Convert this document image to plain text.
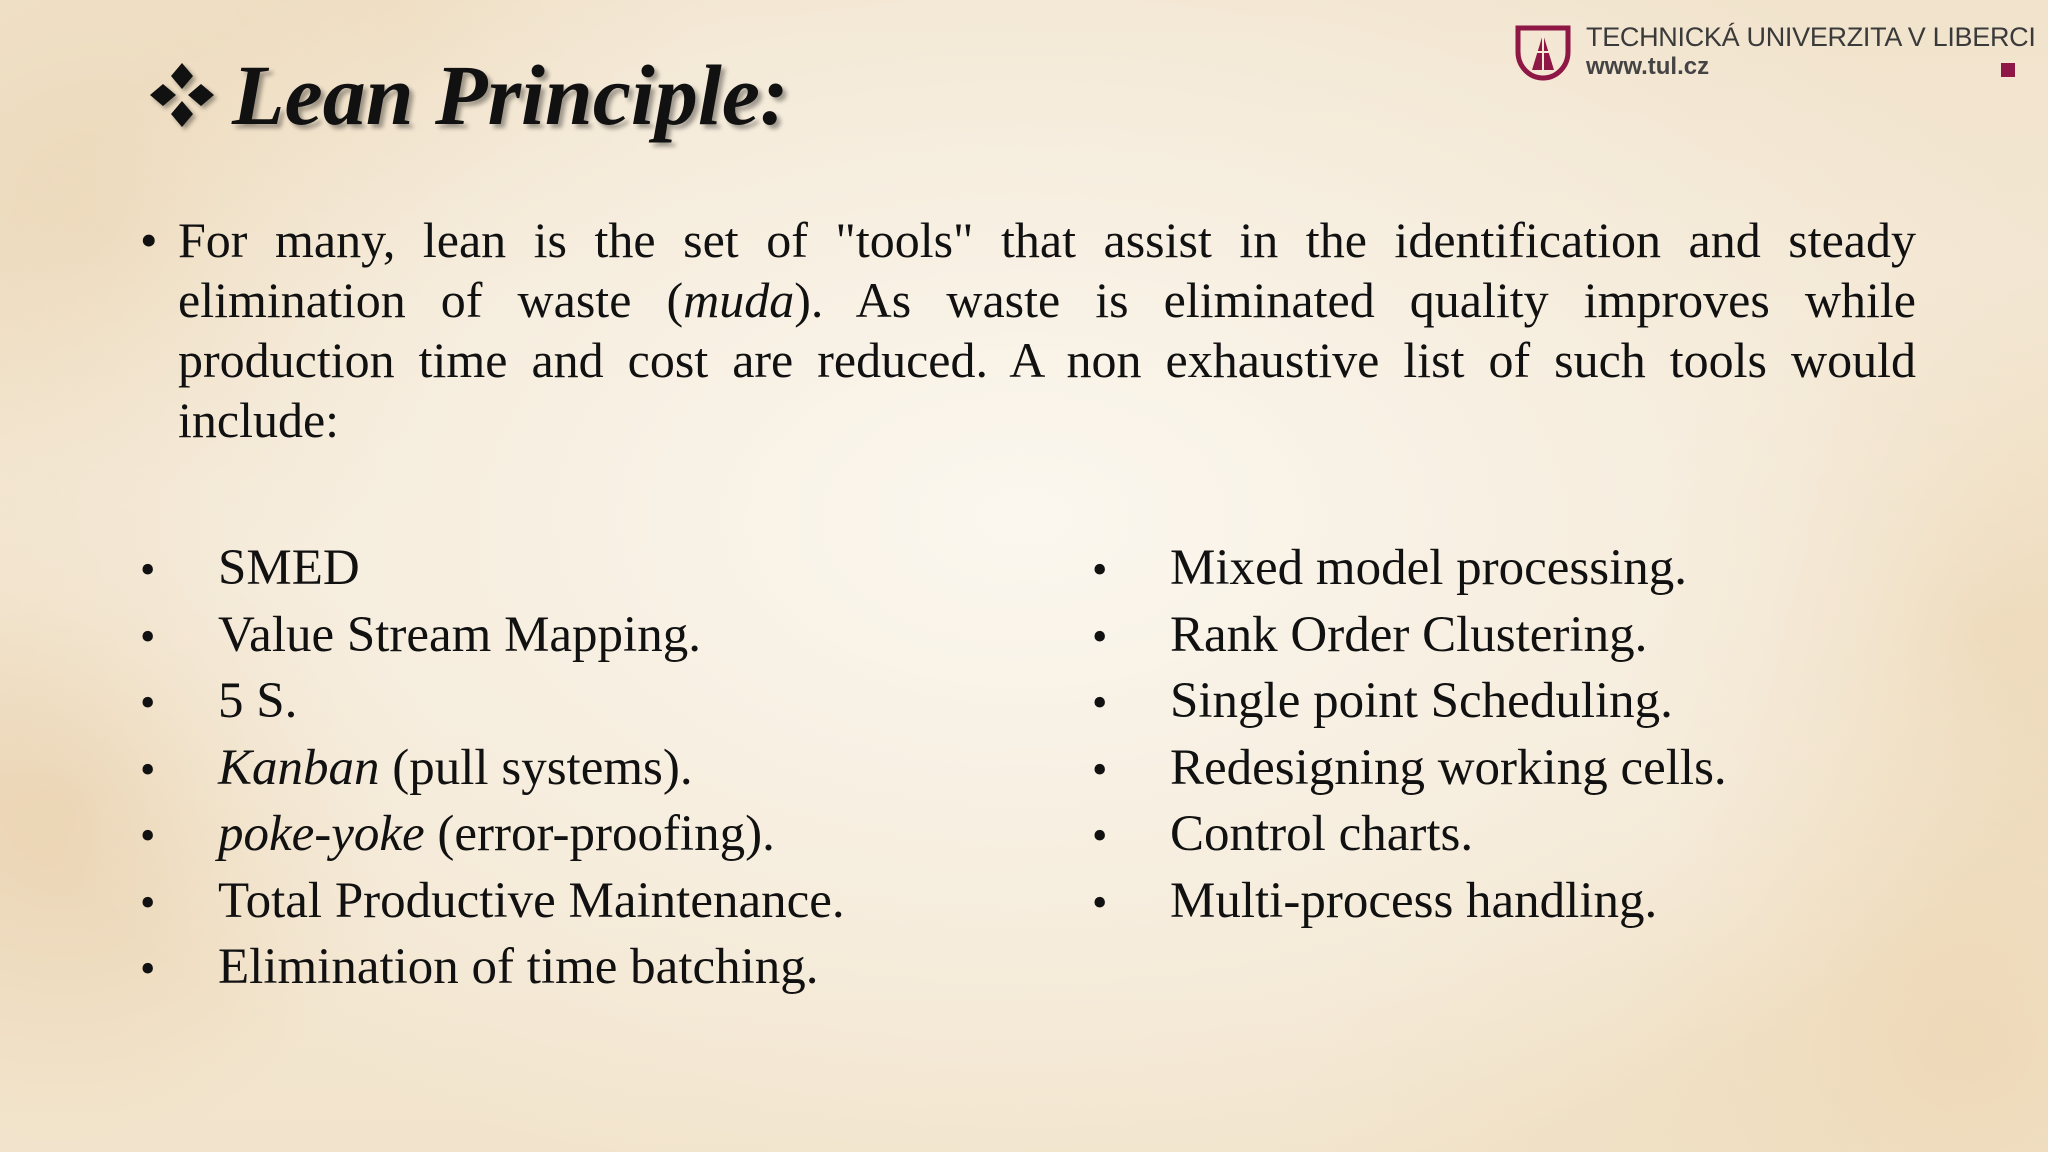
Lean Principle:
TECHNICKÁ UNIVERZITA V LIBERCI
www.tul.cz
• For many, lean is the set of "tools" that assist in the identification and steady elimination of waste (muda). As waste is eliminated quality improves while production time and cost are reduced. A non exhaustive list of such tools would include:
•	SMED
•	Value Stream Mapping.
•	5 S.
•	Kanban (pull systems).
•	poke-yoke (error-proofing).
•	Total Productive Maintenance.
•	Elimination of time batching.
•	Mixed model processing.
•	Rank Order Clustering.
•	Single point Scheduling.
•	Redesigning working cells.
•	Control charts.
•	Multi-process handling.
